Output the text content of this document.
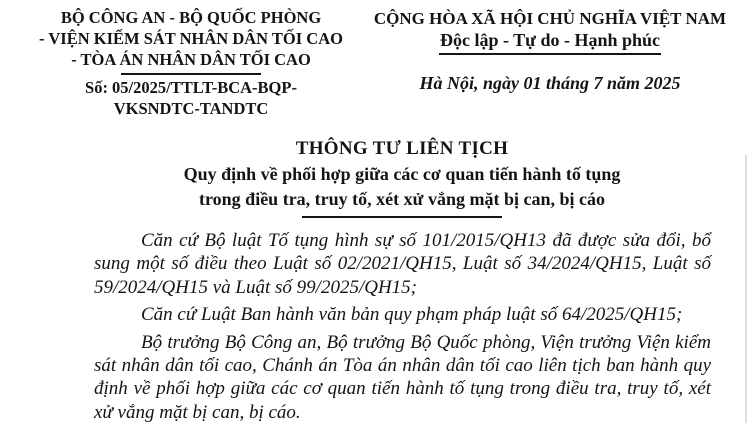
BỘ CÔNG AN - BỘ QUỐC PHÒNG
- VIỆN KIỂM SÁT NHÂN DÂN TỐI CAO
- TÒA ÁN NHÂN DÂN TỐI CAO
Số: 05/2025/TTLT-BCA-BQP-
VKSNDTC-TANDTC
CỘNG HÒA XÃ HỘI CHỦ NGHĨA VIỆT NAM
Độc lập - Tự do - Hạnh phúc
Hà Nội, ngày 01 tháng 7 năm 2025
THÔNG TƯ LIÊN TỊCH
Quy định về phối hợp giữa các cơ quan tiến hành tố tụng
trong điều tra, truy tố, xét xử vắng mặt bị can, bị cáo

Căn cứ Bộ luật Tố tụng hình sự số 101/2015/QH13 đã được sửa đổi, bổ sung một số điều theo Luật số 02/2021/QH15, Luật số 34/2024/QH15, Luật số 59/2024/QH15 và Luật số 99/2025/QH15;

Căn cứ Luật Ban hành văn bản quy phạm pháp luật số 64/2025/QH15;

Bộ trưởng Bộ Công an, Bộ trưởng Bộ Quốc phòng, Viện trưởng Viện kiểm sát nhân dân tối cao, Chánh án Tòa án nhân dân tối cao liên tịch ban hành quy định về phối hợp giữa các cơ quan tiến hành tố tụng trong điều tra, truy tố, xét xử vắng mặt bị can, bị cáo.
